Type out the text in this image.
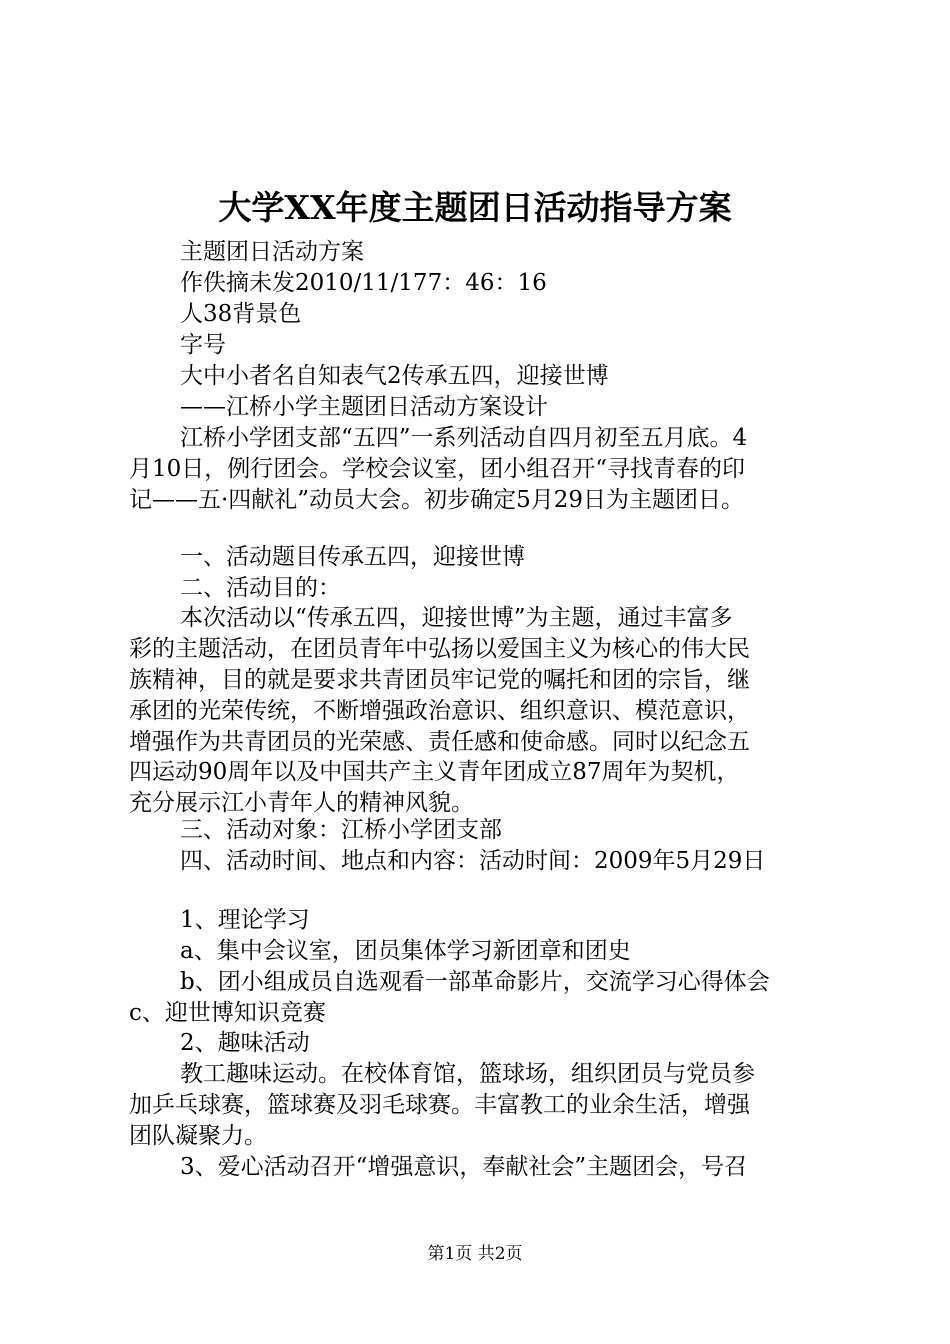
大学XX年度主题团日活动指导方案
主题团日活动方案
作佚摘未发2010/11/177：46：16
人38背景色
字号
大中小者名自知表气2传承五四，迎接世博
——江桥小学主题团日活动方案设计
江桥小学团支部“五四”一系列活动自四月初至五月底。4
月10日，例行团会。学校会议室，团小组召开“寻找青春的印
记——五·四献礼”动员大会。初步确定5月29日为主题团日。
一、活动题目传承五四，迎接世博
二、活动目的：
本次活动以“传承五四，迎接世博”为主题，通过丰富多
彩的主题活动，在团员青年中弘扬以爱国主义为核心的伟大民
族精神，目的就是要求共青团员牢记党的嘱托和团的宗旨，继
承团的光荣传统，不断增强政治意识、组织意识、模范意识，
增强作为共青团员的光荣感、责任感和使命感。同时以纪念五
四运动90周年以及中国共产主义青年团成立87周年为契机，
充分展示江小青年人的精神风貌。
三、活动对象：江桥小学团支部
四、活动时间、地点和内容：活动时间：2009年5月29日
1、理论学习
a、集中会议室，团员集体学习新团章和团史
b、团小组成员自选观看一部革命影片，交流学习心得体会
c、迎世博知识竞赛
2、趣味活动
教工趣味运动。在校体育馆，篮球场，组织团员与党员参
加乒乓球赛，篮球赛及羽毛球赛。丰富教工的业余生活，增强
团队凝聚力。
3、爱心活动召开“增强意识，奉献社会”主题团会，号召
第1页 共2页
